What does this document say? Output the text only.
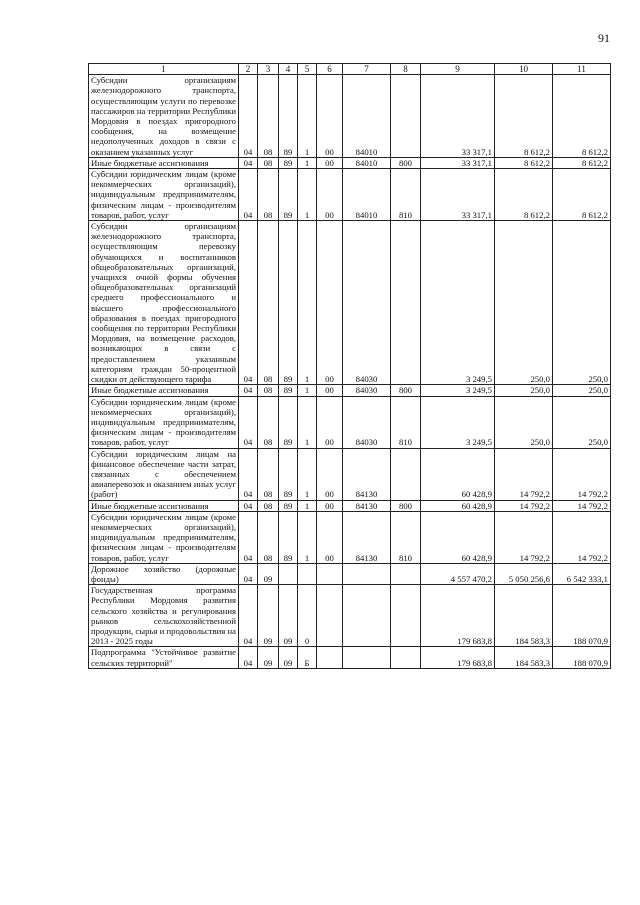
91
1	2	3	4	5	6	7	8	9	10	11
Субсидии организациям железнодорожного транспорта, осуществляющим услуги по перевозке пассажиров на территории Республики Мордовия в поездах пригородного сообщения, на возмещение недополученных доходов в связи с оказанием указанных услуг	04	08	89	1	00	84010		33 317,1	8 612,2	8 612,2
Иные бюджетные ассигнования	04	08	89	1	00	84010	800	33 317,1	8 612,2	8 612,2
Субсидии юридическим лицам (кроме некоммерческих организаций), индивидуальным предпринимателям, физическим лицам - производителям товаров, работ, услуг	04	08	89	1	00	84010	810	33 317,1	8 612,2	8 612,2
Субсидии организациям железнодорожного транспорта, осуществляющим перевозку обучающихся и воспитанников общеобразовательных организаций, учащихся очной формы обучения общеобразовательных организаций среднего профессионального и высшего профессионального образования в поездах пригородного сообщения по территории Республики Мордовия, на возмещение расходов, возникающих в связи с предоставлением указанным категориям граждан 50-процентной скидки от действующего тарифа	04	08	89	1	00	84030		3 249,5	250,0	250,0
Иные бюджетные ассигнования	04	08	89	1	00	84030	800	3 249,5	250,0	250,0
Субсидии юридическим лицам (кроме некоммерческих организаций), индивидуальным предпринимателям, физическим лицам - производителям товаров, работ, услуг	04	08	89	1	00	84030	810	3 249,5	250,0	250,0
Субсидии юридическим лицам на финансовое обеспечение части затрат, связанных с обеспечением авиаперевозок и оказанием иных услуг (работ)	04	08	89	1	00	84130		60 428,9	14 792,2	14 792,2
Иные бюджетные ассигнования	04	08	89	1	00	84130	800	60 428,9	14 792,2	14 792,2
Субсидии юридическим лицам (кроме некоммерческих организаций), индивидуальным предпринимателям, физическим лицам - производителям товаров, работ, услуг	04	08	89	1	00	84130	810	60 428,9	14 792,2	14 792,2
Дорожное хозяйство (дорожные фонды)	04	09						4 557 470,2	5 050 256,6	6 542 333,1
Государственная программа Республики Мордовия развития сельского хозяйства и регулирования рынков сельскохозяйственной продукции, сырья и продовольствия на 2013 - 2025 годы	04	09	09	0				179 683,8	184 583,3	188 070,9
Подпрограмма "Устойчивое развитие сельских территорий"	04	09	09	Б				179 683,8	184 583,3	188 070,9
